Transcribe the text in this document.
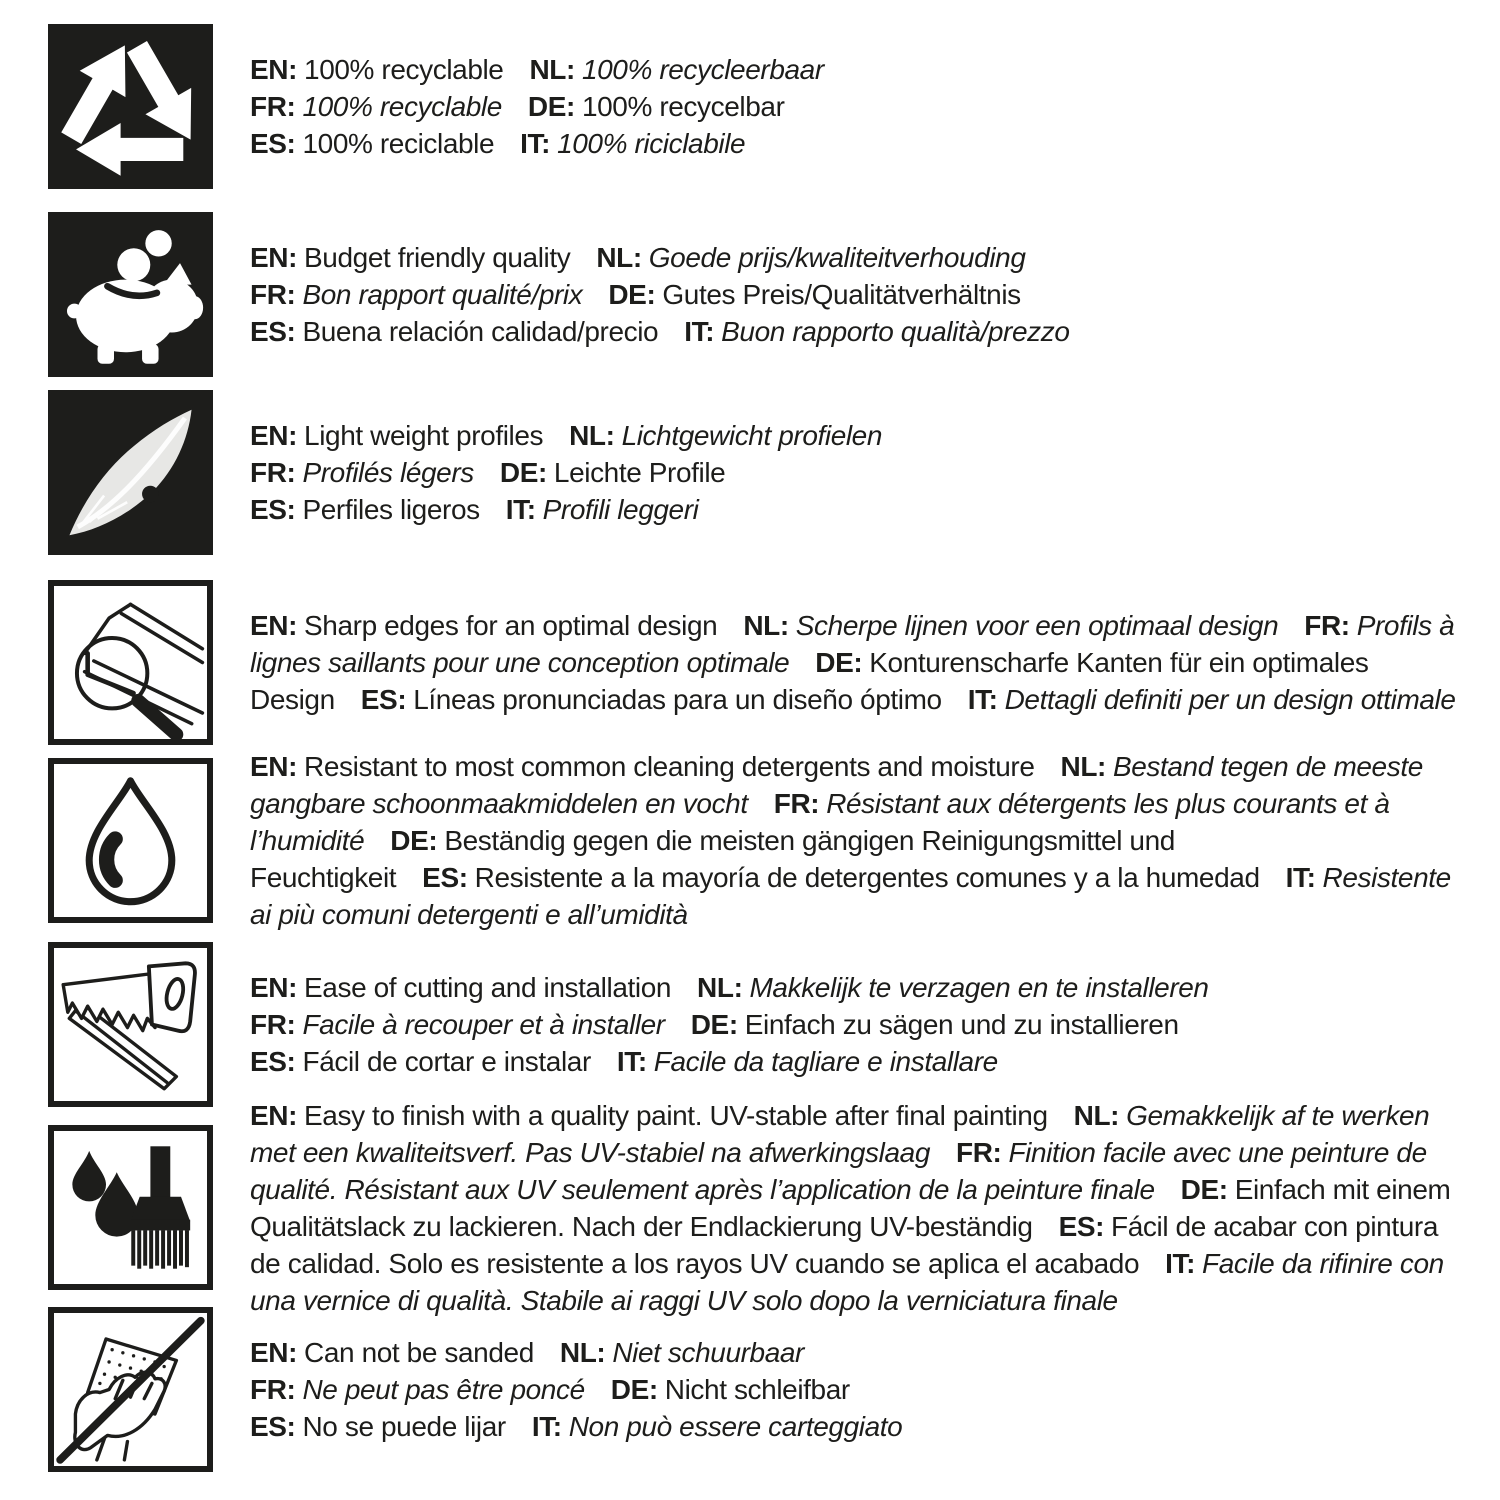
EN: 100% recyclable NL: 100% recycleerbaar
FR: 100% recyclable DE: 100% recycelbar
ES: 100% reciclable IT: 100% riciclabile
EN: Budget friendly quality NL: Goede prijs/kwaliteitverhouding
FR: Bon rapport qualité/prix DE: Gutes Preis/Qualitätverhältnis
ES: Buena relación calidad/precio IT: Buon rapporto qualità/prezzo
EN: Light weight profiles NL: Lichtgewicht profielen
FR: Profilés légers DE: Leichte Profile
ES: Perfiles ligeros IT: Profili leggeri
EN: Sharp edges for an optimal design NL: Scherpe lijnen voor een optimaal design FR: Profils à lignes saillants pour une conception optimale DE: Konturenscharfe Kanten für ein optimales Design ES: Líneas pronunciadas para un diseño óptimo IT: Dettagli definiti per un design ottimale
EN: Resistant to most common cleaning detergents and moisture NL: Bestand tegen de meeste gangbare schoonmaakmiddelen en vocht FR: Résistant aux détergents les plus courants et à l’humidité DE: Beständig gegen die meisten gängigen Reinigungsmittel und Feuchtigkeit ES: Resistente a la mayoría de detergentes comunes y a la humedad IT: Resistente ai più comuni detergenti e all’umidità
EN: Ease of cutting and installation NL: Makkelijk te verzagen en te installeren
FR: Facile à recouper et à installer DE: Einfach zu sägen und zu installieren
ES: Fácil de cortar e instalar IT: Facile da tagliare e installare
EN: Easy to finish with a quality paint. UV-stable after final painting NL: Gemakkelijk af te werken met een kwaliteitsverf. Pas UV-stabiel na afwerkingslaag FR: Finition facile avec une peinture de qualité. Résistant aux UV seulement après l’application de la peinture finale DE: Einfach mit einem Qualitätslack zu lackieren. Nach der Endlackierung UV-beständig ES: Fácil de acabar con pintura de calidad. Solo es resistente a los rayos UV cuando se aplica el acabado IT: Facile da rifinire con una vernice di qualità. Stabile ai raggi UV solo dopo la verniciatura finale
EN: Can not be sanded NL: Niet schuurbaar
FR: Ne peut pas être poncé DE: Nicht schleifbar
ES: No se puede lijar IT: Non può essere carteggiato
